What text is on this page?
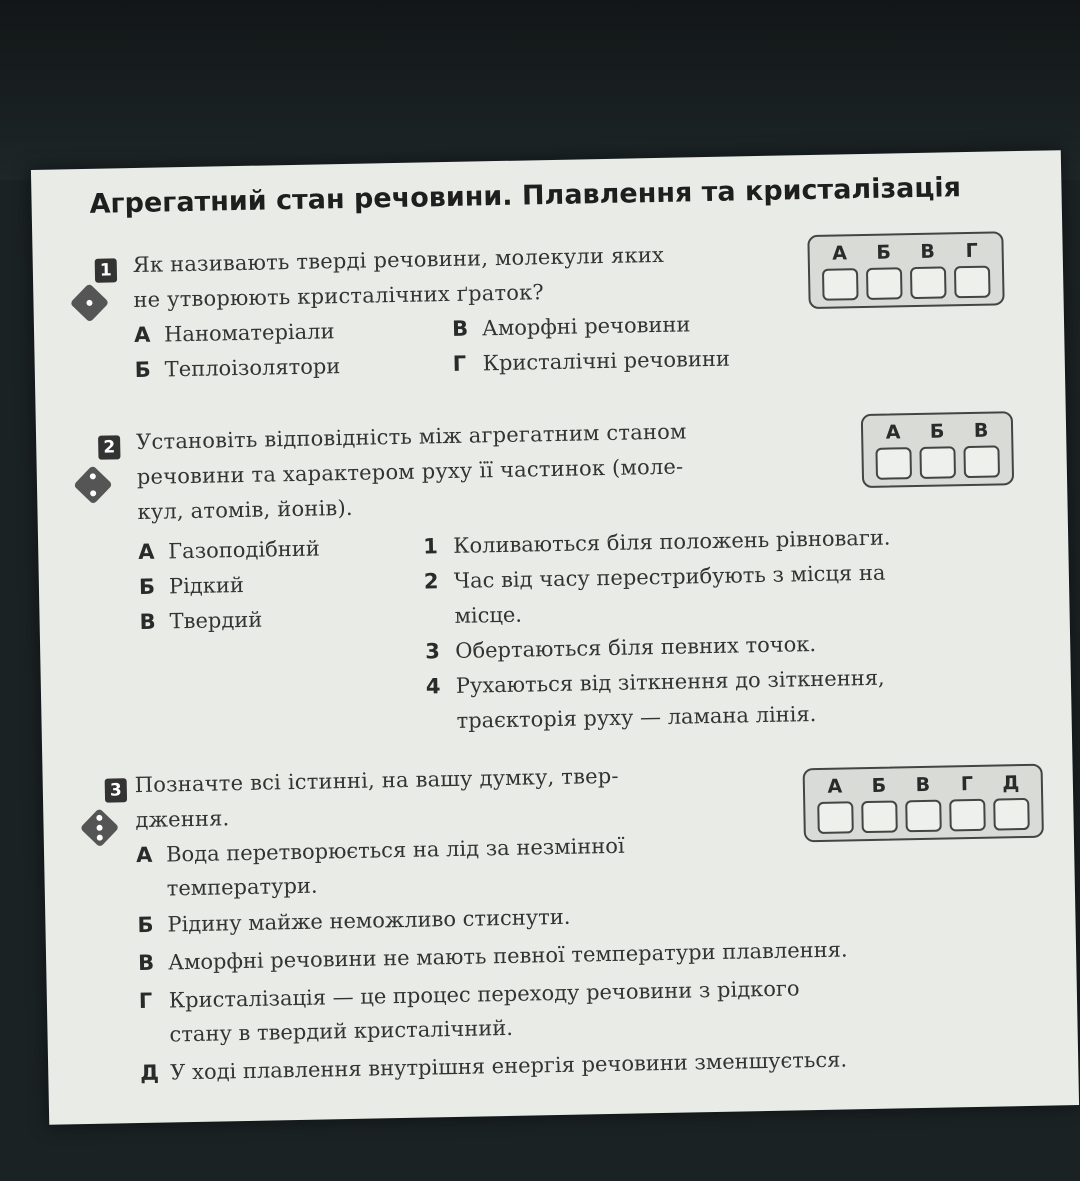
Агрегатний стан речовини. Плавлення та кристалізація
1 Як називають тверді речовини, молекули яких
не утворюють кристалічних ґраток?
А Наноматеріали
Б Теплоізолятори
В Аморфні речовини
Г Кристалічні речовини
А	Б	В	Г
2 Установіть відповідність між агрегатним станом
речовини та характером руху її частинок (моле-
кул, атомів, йонів).
А Газоподібний
Б Рідкий
В Твердий
1 Коливаються біля положень рівноваги.
2 Час від часу перестрибують з місця на
місце.
3 Обертаються біля певних точок.
4 Рухаються від зіткнення до зіткнення,
траєкторія руху — ламана лінія.
А	Б	В
3 Позначте всі істинні, на вашу думку, твер-
дження.
А Вода перетворюється на лід за незмінної
температури.
Б Рідину майже неможливо стиснути.
В Аморфні речовини не мають певної температури плавлення.
Г Кристалізація — це процес переходу речовини з рідкого
стану в твердий кристалічний.
Д У ході плавлення внутрішня енергія речовини зменшується.
А	Б	В	Г	Д
